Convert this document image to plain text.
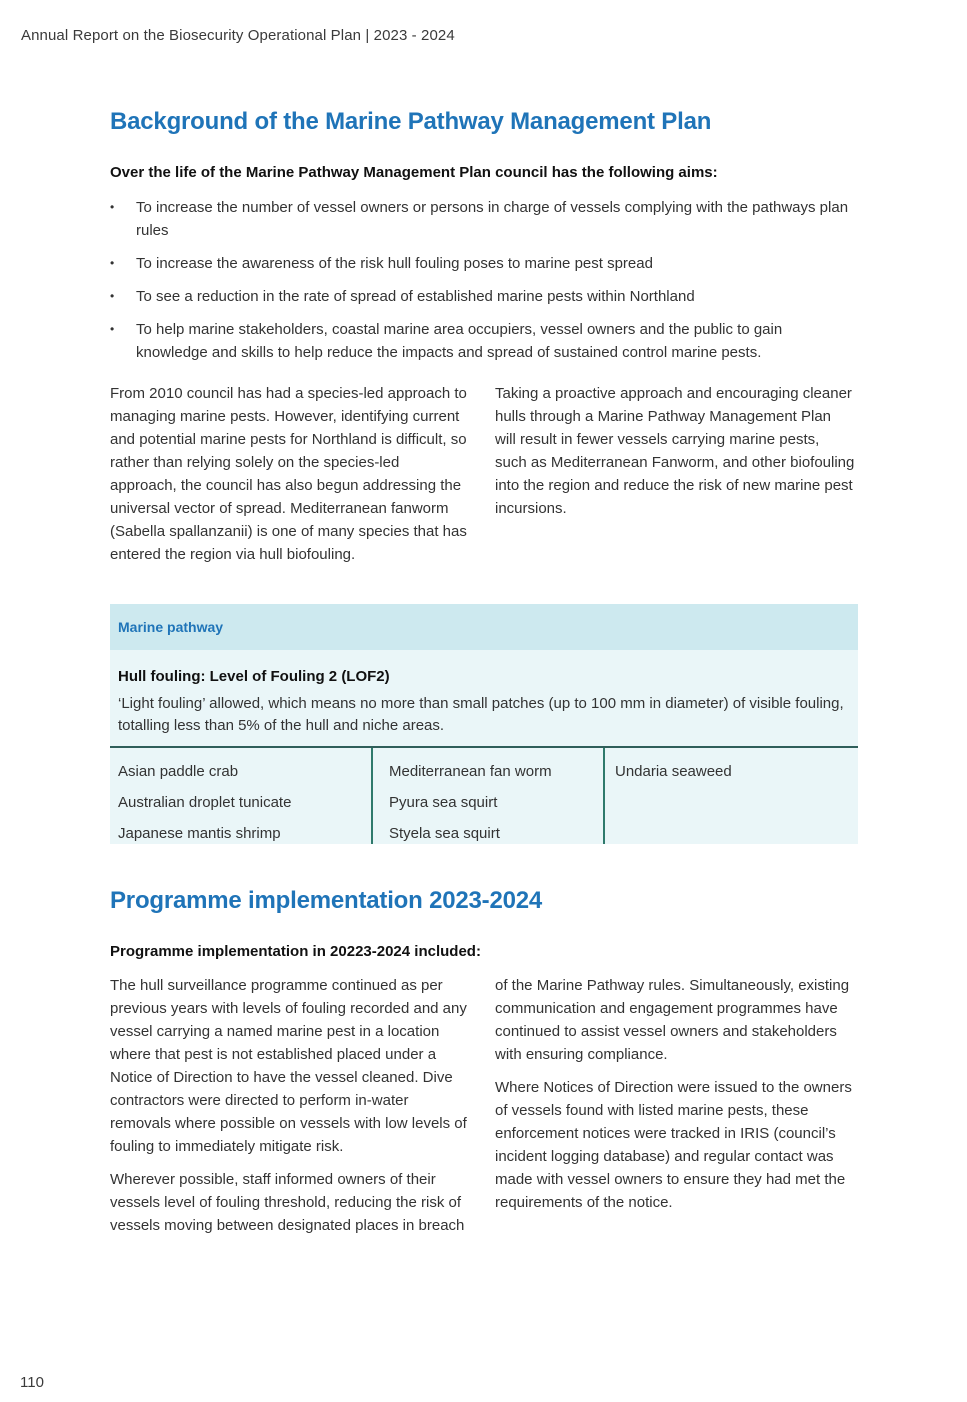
Annual Report on the Biosecurity Operational Plan | 2023 - 2024
Background of the Marine Pathway Management Plan

Over the life of the Marine Pathway Management Plan council has the following aims:

• To increase the number of vessel owners or persons in charge of vessels complying with the pathways plan rules
• To increase the awareness of the risk hull fouling poses to marine pest spread
• To see a reduction in the rate of spread of established marine pests within Northland
• To help marine stakeholders, coastal marine area occupiers, vessel owners and the public to gain knowledge and skills to help reduce the impacts and spread of sustained control marine pests.

From 2010 council has had a species-led approach to managing marine pests. However, identifying current and potential marine pests for Northland is difficult, so rather than relying solely on the species-led approach, the council has also begun addressing the universal vector of spread. Mediterranean fanworm (Sabella spallanzanii) is one of many species that has entered the region via hull biofouling.

Taking a proactive approach and encouraging cleaner hulls through a Marine Pathway Management Plan will result in fewer vessels carrying marine pests, such as Mediterranean Fanworm, and other biofouling into the region and reduce the risk of new marine pest incursions.

Marine pathway
Hull fouling: Level of Fouling 2 (LOF2)
‘Light fouling’ allowed, which means no more than small patches (up to 100 mm in diameter) of visible fouling, totalling less than 5% of the hull and niche areas.
Asian paddle crab
Australian droplet tunicate
Japanese mantis shrimp
Mediterranean fan worm
Pyura sea squirt
Styela sea squirt
Undaria seaweed
Programme implementation 2023-2024

Programme implementation in 20223-2024 included:

The hull surveillance programme continued as per previous years with levels of fouling recorded and any vessel carrying a named marine pest in a location where that pest is not established placed under a Notice of Direction to have the vessel cleaned. Dive contractors were directed to perform in-water removals where possible on vessels with low levels of fouling to immediately mitigate risk.

Wherever possible, staff informed owners of their vessels level of fouling threshold, reducing the risk of vessels moving between designated places in breach

of the Marine Pathway rules. Simultaneously, existing communication and engagement programmes have continued to assist vessel owners and stakeholders with ensuring compliance.

Where Notices of Direction were issued to the owners of vessels found with listed marine pests, these enforcement notices were tracked in IRIS (council’s incident logging database) and regular contact was made with vessel owners to ensure they had met the requirements of the notice.

110
